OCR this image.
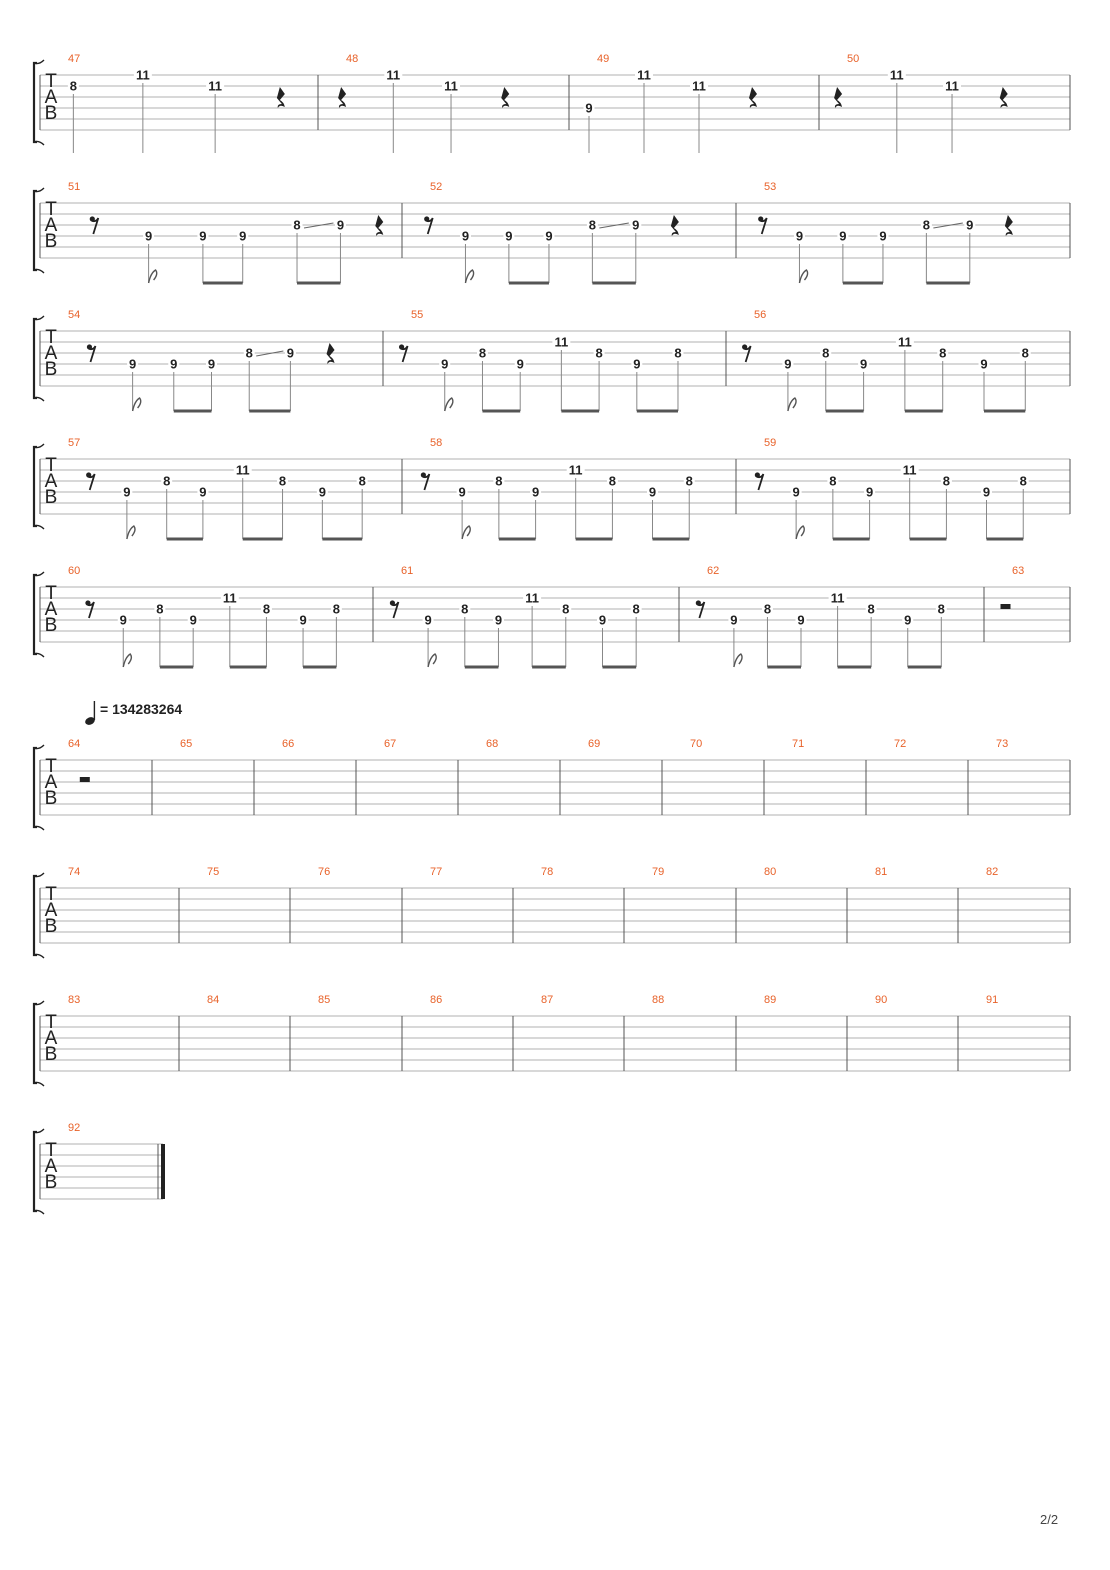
T
A
B
47
8
11
11
48
11
11
49
9
11
11
50
11
11
T
A
B
51
9	9	9
8	9
52
9	9	9
8	9
53
9	9	9
8	9
T
A
B
54
9	9 9
8	9
55
9
8
9
11
8
9
8
56
9
8
9
11
8
9
8
T
A
B
57
9
8
9
11
8
9
8
58
9
8
9
11
8
9
8
59
9
8
9
11
8
9
8
T
A
B
60
9
8
9
11
8
9
8
61
9
8
9
11
8
9
8
62
9
8
9
11
8
9
8
63
T
A
B
64	65	66	67	68	69	70	71	72	73
T
A
B
74	75	76	77	78	79	80	81	82
T
A
B
83	84	85	86	87	88	89	90	91
T
A
B
92
= 134283264
2/2
